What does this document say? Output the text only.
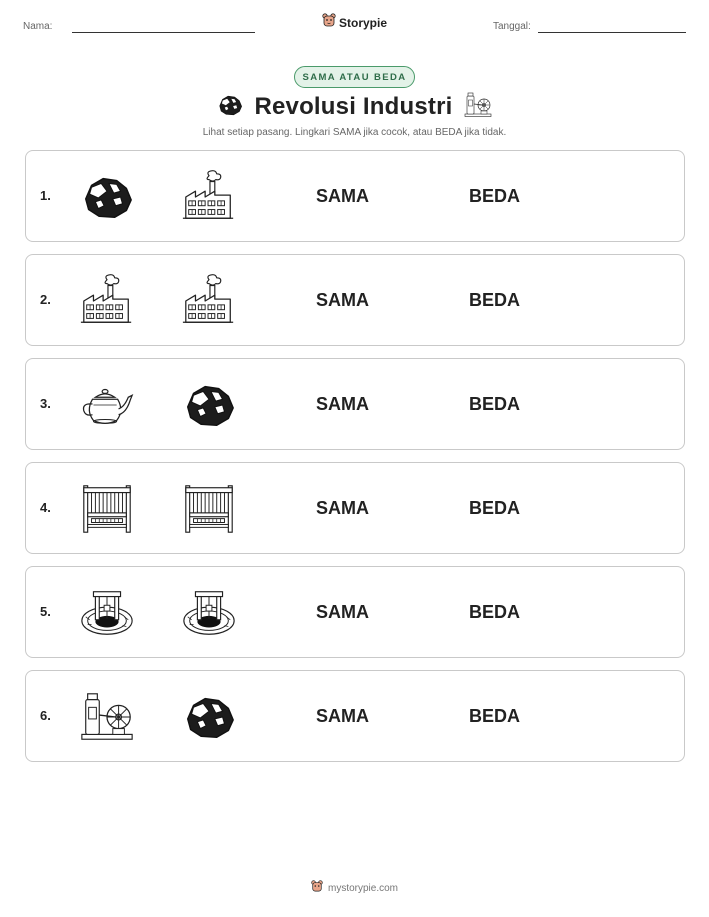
Nama:	Storypie	Tanggal:
SAMA ATAU BEDA
Revolusi Industri
Lihat setiap pasang. Lingkari SAMA jika cocok, atau BEDA jika tidak.
1.	SAMA	BEDA
2.	SAMA	BEDA
3.	SAMA	BEDA
4.	SAMA	BEDA
5.	SAMA	BEDA
6.	SAMA	BEDA
mystorypie.com
